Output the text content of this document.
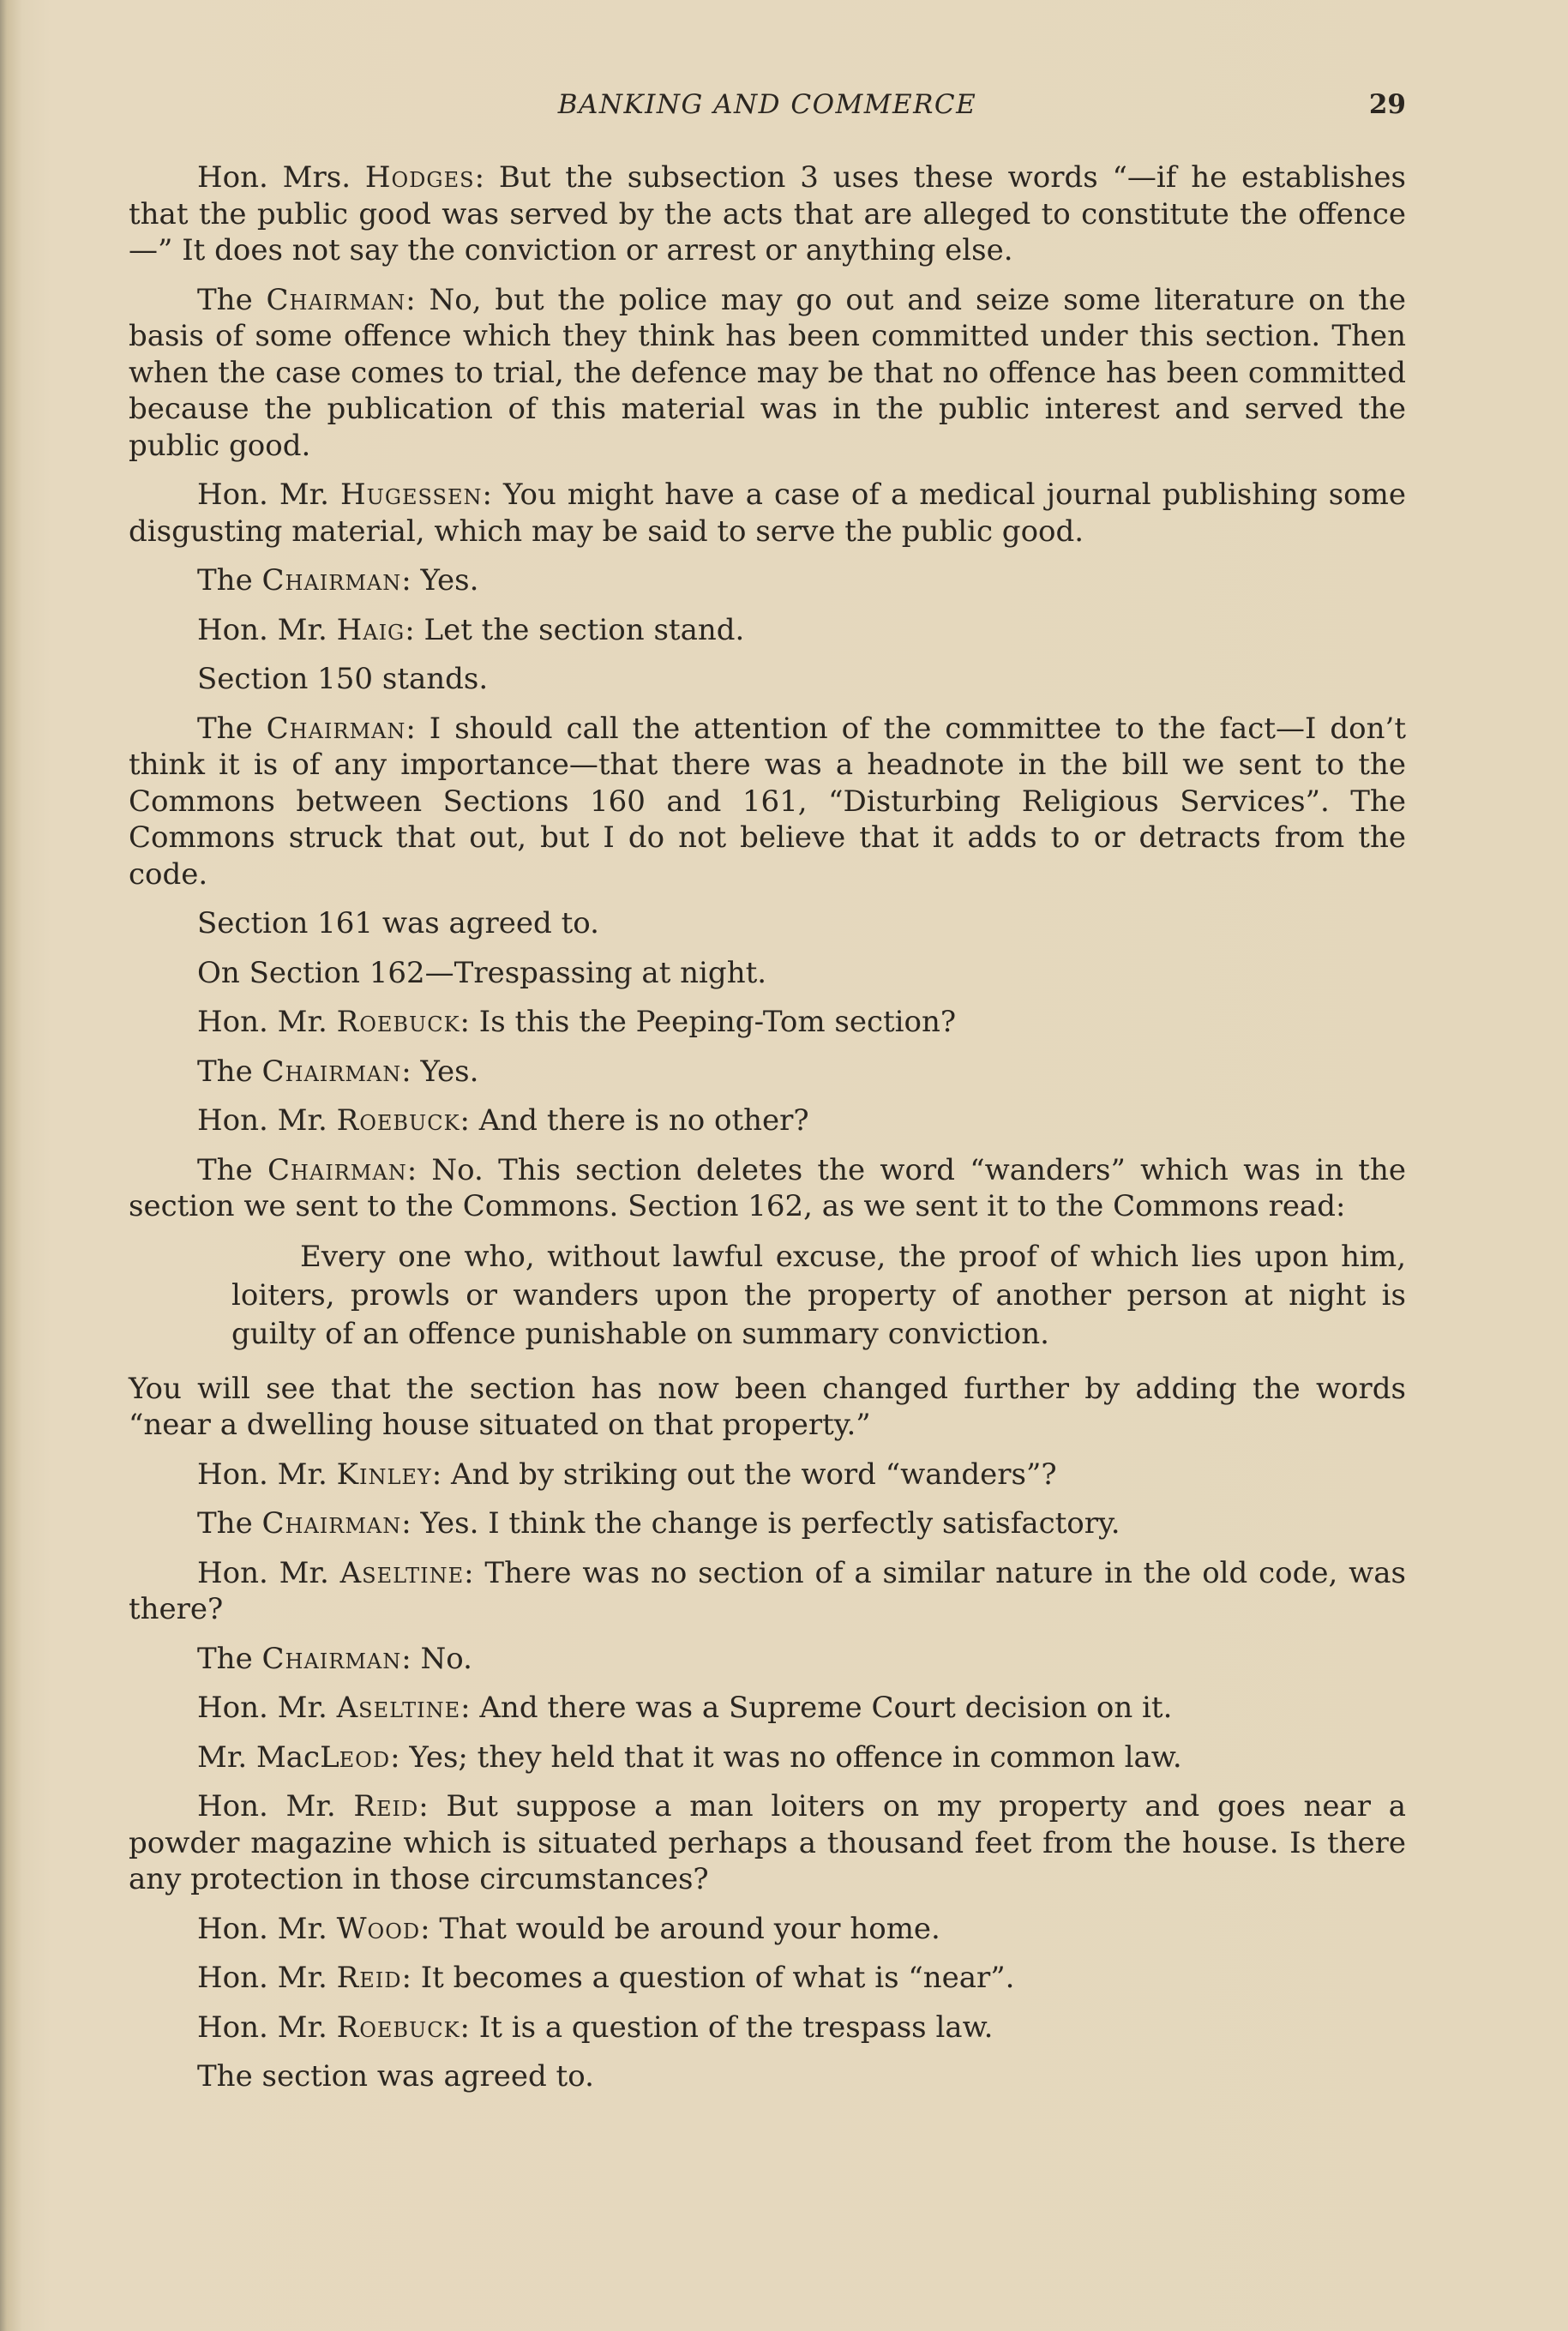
BANKING AND COMMERCE	29

Hon. Mrs. Hodges: But the subsection 3 uses these words “—if he establishes that the public good was served by the acts that are alleged to constitute the offence—” It does not say the conviction or arrest or anything else.

The Chairman: No, but the police may go out and seize some literature on the basis of some offence which they think has been committed under this section. Then when the case comes to trial, the defence may be that no offence has been committed because the publication of this material was in the public interest and served the public good.

Hon. Mr. Hugessen: You might have a case of a medical journal publishing some disgusting material, which may be said to serve the public good.

The Chairman: Yes.

Hon. Mr. Haig: Let the section stand.

Section 150 stands.

The Chairman: I should call the attention of the committee to the fact—I don’t think it is of any importance—that there was a headnote in the bill we sent to the Commons between Sections 160 and 161, “Disturbing Religious Services”. The Commons struck that out, but I do not believe that it adds to or detracts from the code.

Section 161 was agreed to.

On Section 162—Trespassing at night.

Hon. Mr. Roebuck: Is this the Peeping-Tom section?

The Chairman: Yes.

Hon. Mr. Roebuck: And there is no other?

The Chairman: No. This section deletes the word “wanders” which was in the section we sent to the Commons. Section 162, as we sent it to the Commons read:

Every one who, without lawful excuse, the proof of which lies upon him, loiters, prowls or wanders upon the property of another person at night is guilty of an offence punishable on summary conviction.

You will see that the section has now been changed further by adding the words “near a dwelling house situated on that property.”

Hon. Mr. Kinley: And by striking out the word “wanders”?

The Chairman: Yes. I think the change is perfectly satisfactory.

Hon. Mr. Aseltine: There was no section of a similar nature in the old code, was there?

The Chairman: No.

Hon. Mr. Aseltine: And there was a Supreme Court decision on it.

Mr. MacLeod: Yes; they held that it was no offence in common law.

Hon. Mr. Reid: But suppose a man loiters on my property and goes near a powder magazine which is situated perhaps a thousand feet from the house. Is there any protection in those circumstances?

Hon. Mr. Wood: That would be around your home.

Hon. Mr. Reid: It becomes a question of what is “near”.

Hon. Mr. Roebuck: It is a question of the trespass law.

The section was agreed to.
